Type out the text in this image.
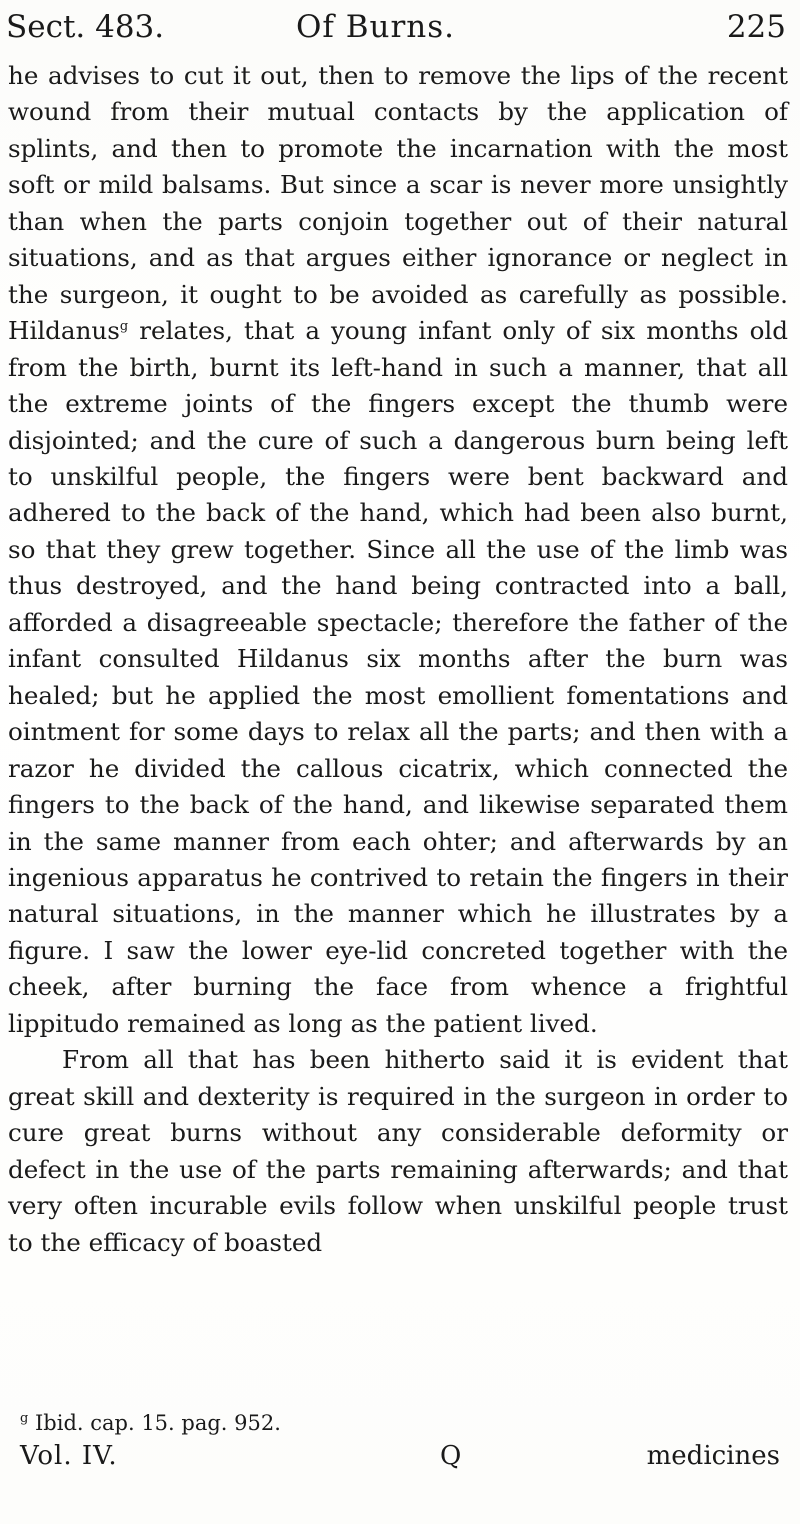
Sect. 483.	Of Burns.	225

he advises to cut it out, then to remove the lips of the recent wound from their mutual contacts by the application of splints, and then to promote the incarnation with the most soft or mild balsams. But since a scar is never more unsightly than when the parts conjoin together out of their natural situations, and as that argues either ignorance or neglect in the surgeon, it ought to be avoided as carefully as possible. Hildanus$^g$ relates, that a young infant only of six months old from the birth, burnt its left-hand in such a manner, that all the extreme joints of the fingers except the thumb were disjointed; and the cure of such a dangerous burn being left to unskilful people, the fingers were bent backward and adhered to the back of the hand, which had been also burnt, so that they grew together. Since all the use of the limb was thus destroyed, and the hand being contracted into a ball, afforded a disagreeable spectacle; therefore the father of the infant consulted Hildanus six months after the burn was healed; but he applied the most emollient fomentations and ointment for some days to relax all the parts; and then with a razor he divided the callous cicatrix, which connected the fingers to the back of the hand, and likewise separated them in the same manner from each ohter; and afterwards by an ingenious apparatus he contrived to retain the fingers in their natural situations, in the manner which he illustrates by a figure. I saw the lower eye-lid concreted together with the cheek, after burning the face from whence a frightful lippitudo remained as long as the patient lived.

From all that has been hitherto said it is evident that great skill and dexterity is required in the surgeon in order to cure great burns without any considerable deformity or defect in the use of the parts remaining afterwards; and that very often incurable evils follow when unskilful people trust to the efficacy of boasted

$^g$ Ibid. cap. 15. pag. 952.
Vol. IV.	Q	medicines
